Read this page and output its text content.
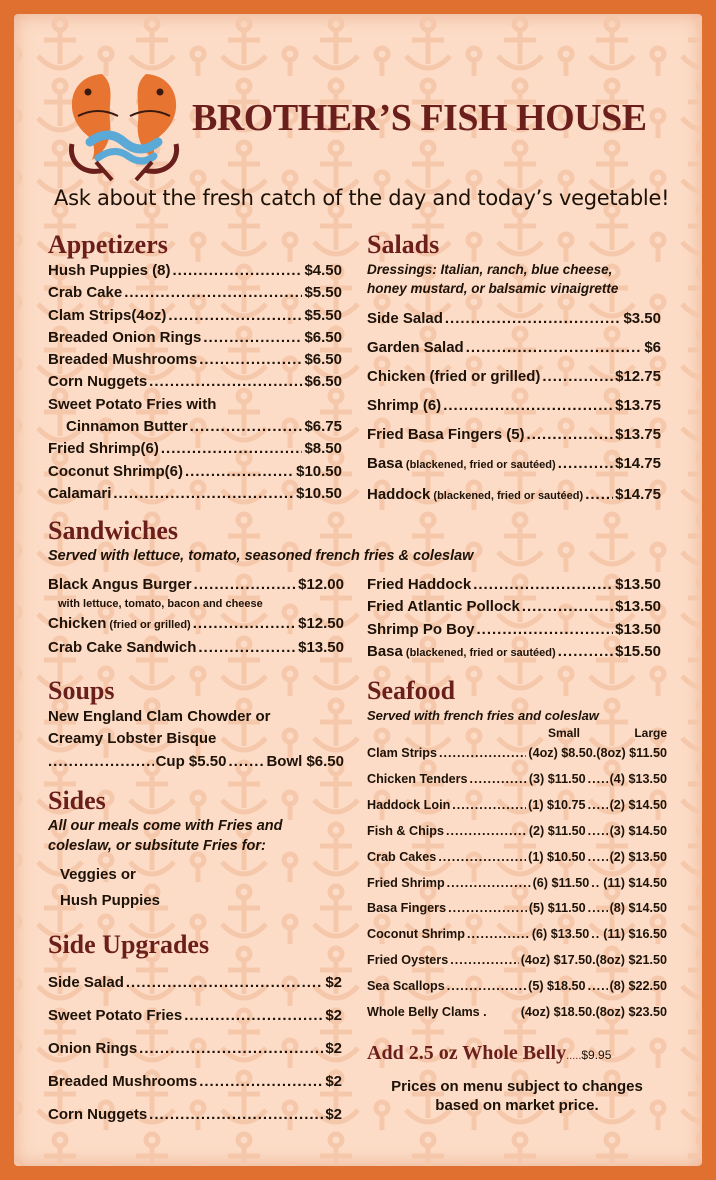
BROTHER’S FISH HOUSE
Ask about the fresh catch of the day and today’s vegetable!
Appetizers
Hush Puppies (8) .....	$4.50
Crab Cake .....	$5.50
Clam Strips(4oz) .....	$5.50
Breaded Onion Rings .....	$6.50
Breaded Mushrooms .....	$6.50
Corn Nuggets .....	$6.50
Sweet Potato Fries with
Cinnamon Butter .....	$6.75
Fried Shrimp(6) .....	$8.50
Coconut Shrimp(6) .....	$10.50
Calamari .....	$10.50
Salads
Dressings: Italian, ranch, blue cheese,
honey mustard, or balsamic vinaigrette
Side Salad .....	$3.50
Garden Salad .....	$6
Chicken (fried or grilled) .....	$12.75
Shrimp (6) .....	$13.75
Fried Basa Fingers (5) .....	$13.75
Basa (blackened, fried or sautéed) .....	$14.75
Haddock (blackened, fried or sautéed) ..... $14.75
Sandwiches
Served with lettuce, tomato, seasoned french fries & coleslaw
Black Angus Burger .....	$12.00
with lettuce, tomato, bacon and cheese
Chicken (fried or grilled) .....	$12.50
Crab Cake Sandwich .....	$13.50
Fried Haddock .....	$13.50
Fried Atlantic Pollock .....	$13.50
Shrimp Po Boy .....	$13.50
Basa (blackened, fried or sautéed) .....	$15.50
Soups
New England Clam Chowder or
Creamy Lobster Bisque
.....
Cup $5.50 .....	Bowl $6.50
Sides
All our meals come with Fries and
coleslaw, or subsitute Fries for:
Veggies or
Hush Puppies
Side Upgrades
Side Salad .....	$2
Sweet Potato Fries .....	$2
Onion Rings .....	$2
Breaded Mushrooms .....	$2
Corn Nuggets .....	$2
Seafood
Served with french fries and coleslaw
Small	Large
Clam Strips .....	(4oz) $8.50. (8oz) $11.50
Chicken Tenders .....	(3) $11.50 ..... (4) $13.50
Haddock Loin .....	(1) $10.75 ..... (2) $14.50
Fish & Chips .....	(2) $11.50 ..... (3) $14.50
Crab Cakes .....	(1) $10.50 ..... (2) $13.50
Fried Shrimp .....	(6) $11.50 ..... (11) $14.50
Basa Fingers .....	(5) $11.50 ..... (8) $14.50
Coconut Shrimp .....	(6) $13.50 ..... (11) $16.50
Fried Oysters .....	(4oz) $17.50. (8oz) $21.50
Sea Scallops .....	(5) $18.50 ..... (8) $22.50
Whole Belly Clams .	(4oz) $18.50. (8oz) $23.50
Add 2.5 oz Whole Belly.....$9.95
Prices on menu subject to changes
based on market price.
